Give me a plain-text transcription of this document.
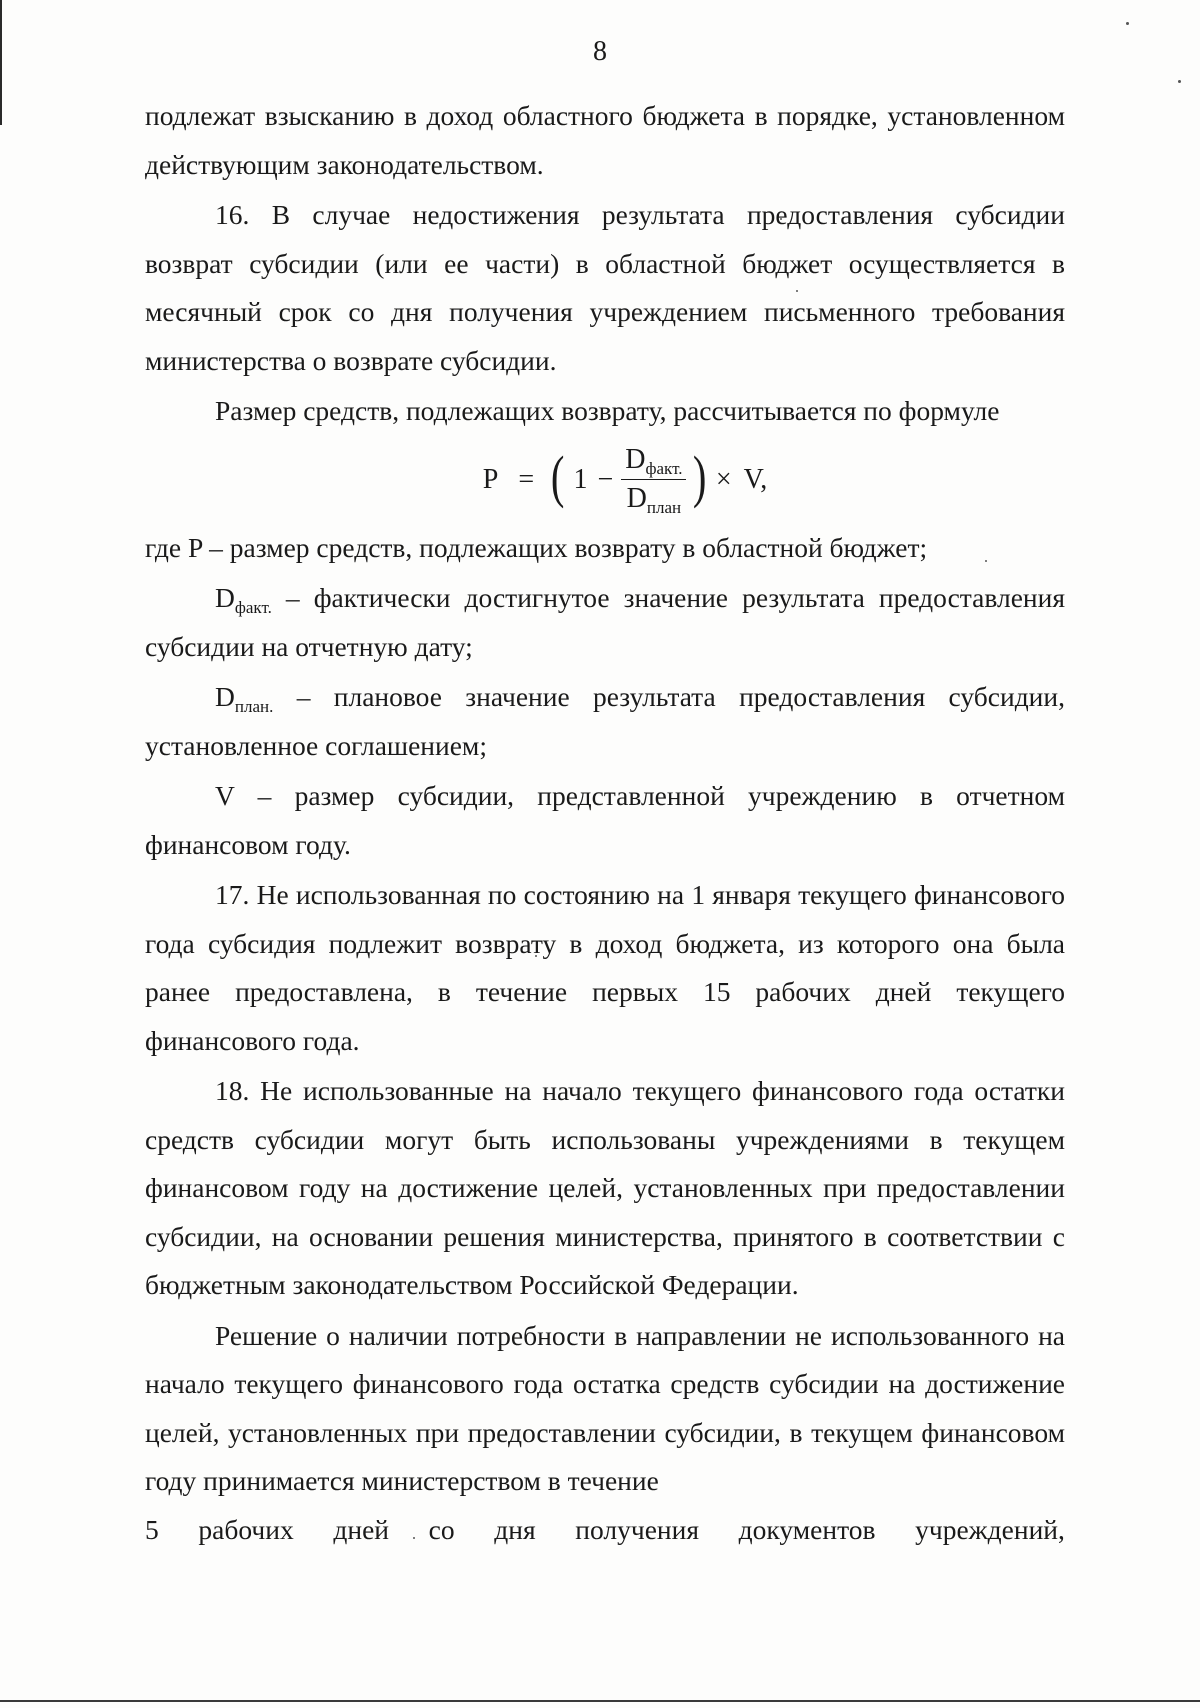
8

подлежат взысканию в доход областного бюджета в порядке, установленном действующим законодательством.

16. В случае недостижения результата предоставления субсидии возврат субсидии (или ее части) в областной бюджет осуществляется в месячный срок со дня получения учреждением письменного требования министерства о возврате субсидии.

Размер средств, подлежащих возврату, рассчитывается по формуле

P = ( $1 - \frac{D_{факт.}}{D_{план}}$ ) × V,

где P – размер средств, подлежащих возврату в областной бюджет;

$D_{факт.}$ – фактически достигнутое значение результата предоставления субсидии на отчетную дату;

$D_{план.}$ – плановое значение результата предоставления субсидии, установленное соглашением;

V – размер субсидии, представленной учреждению в отчетном финансовом году.

17. Не использованная по состоянию на 1 января текущего финансового года субсидия подлежит возврату в доход бюджета, из которого она была ранее предоставлена, в течение первых 15 рабочих дней текущего финансового года.

18. Не использованные на начало текущего финансового года остатки средств субсидии могут быть использованы учреждениями в текущем финансовом году на достижение целей, установленных при предоставлении субсидии, на основании решения министерства, принятого в соответствии с бюджетным законодательством Российской Федерации.

Решение о наличии потребности в направлении не использованного на начало текущего финансового года остатка средств субсидии на достижение целей, установленных при предоставлении субсидии, в текущем финансовом году принимается министерством в течение

5 рабочих дней со дня получения документов учреждений,
